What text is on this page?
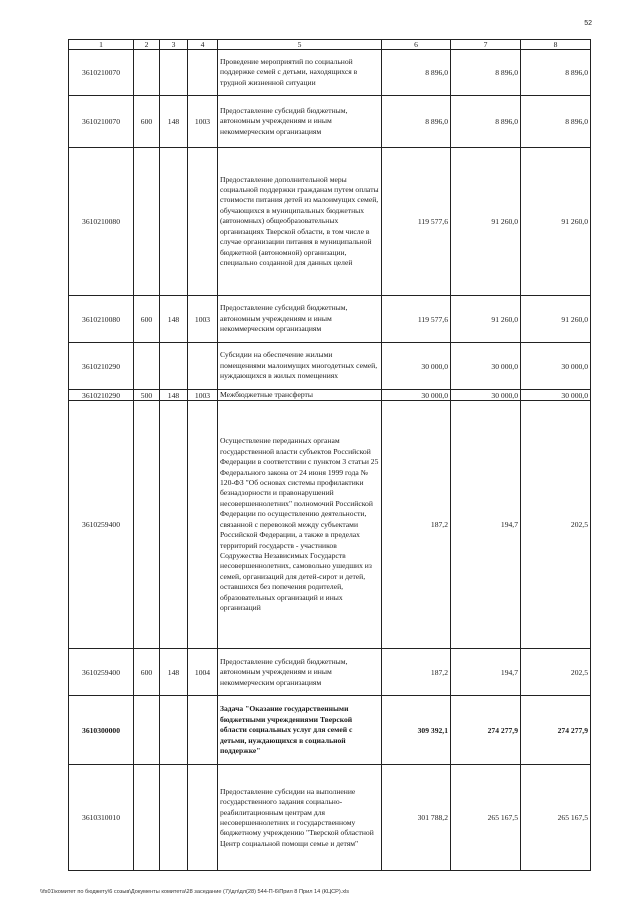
52
1	2	3	4	5	6	7	8
3610210070				Проведение мероприятий по социальной поддержке семей с детьми, находящихся в трудной жизненной ситуации	8 896,0	8 896,0	8 896,0
3610210070	600	148	1003	Предоставление субсидий бюджетным, автономным учреждениям и иным некоммерческим организациям	8 896,0	8 896,0	8 896,0
3610210080				Предоставление дополнительной меры социальной поддержки гражданам путем оплаты стоимости питания детей из малоимущих семей, обучающихся в муниципальных бюджетных (автономных) общеобразовательных организациях Тверской области, в том числе в случае организации питания в муниципальной бюджетной (автономной) организации, специально созданной для данных целей	119 577,6	91 260,0	91 260,0
3610210080	600	148	1003	Предоставление субсидий бюджетным, автономным учреждениям и иным некоммерческим организациям	119 577,6	91 260,0	91 260,0
3610210290				Субсидии на обеспечение жилыми помещениями малоимущих многодетных семей, нуждающихся в жилых помещениях	30 000,0	30 000,0	30 000,0
3610210290	500	148	1003	Межбюджетные трансферты	30 000,0	30 000,0	30 000,0
3610259400				Осуществление переданных органам государственной власти субъектов Российской Федерации в соответствии с пунктом 3 статьи 25 Федерального закона от 24 июня 1999 года № 120-ФЗ "Об основах системы профилактики безнадзорности и правонарушений несовершеннолетних" полномочий Российской Федерации по осуществлению деятельности, связанной с перевозкой между субъектами Российской Федерации, а также в пределах территорий государств - участников Содружества Независимых Государств несовершеннолетних, самовольно ушедших из семей, организаций для детей-сирот и детей, оставшихся без попечения родителей, образовательных организаций и иных организаций	187,2	194,7	202,5
3610259400	600	148	1004	Предоставление субсидий бюджетным, автономным учреждениям и иным некоммерческим организациям	187,2	194,7	202,5
3610300000				Задача "Оказание государственными бюджетными учреждениями Тверской области социальных услуг для семей с детьми, нуждающихся в социальной поддержке"	309 392,1	274 277,9	274 277,9
3610310010				Предоставление субсидии на выполнение государственного задания социально-реабилитационным центрам для несовершеннолетних и государственному бюджетному учреждению "Тверской областной Центр социальной помощи семье и детям"	301 788,2	265 167,5	265 167,5
\\fs01\комитет по бюджету\6 созыв\Документы комитета\28 заседание (7)\дл\дл(28) 544-П-6\Прил 8 Прил 14 (КЦСР).xls
